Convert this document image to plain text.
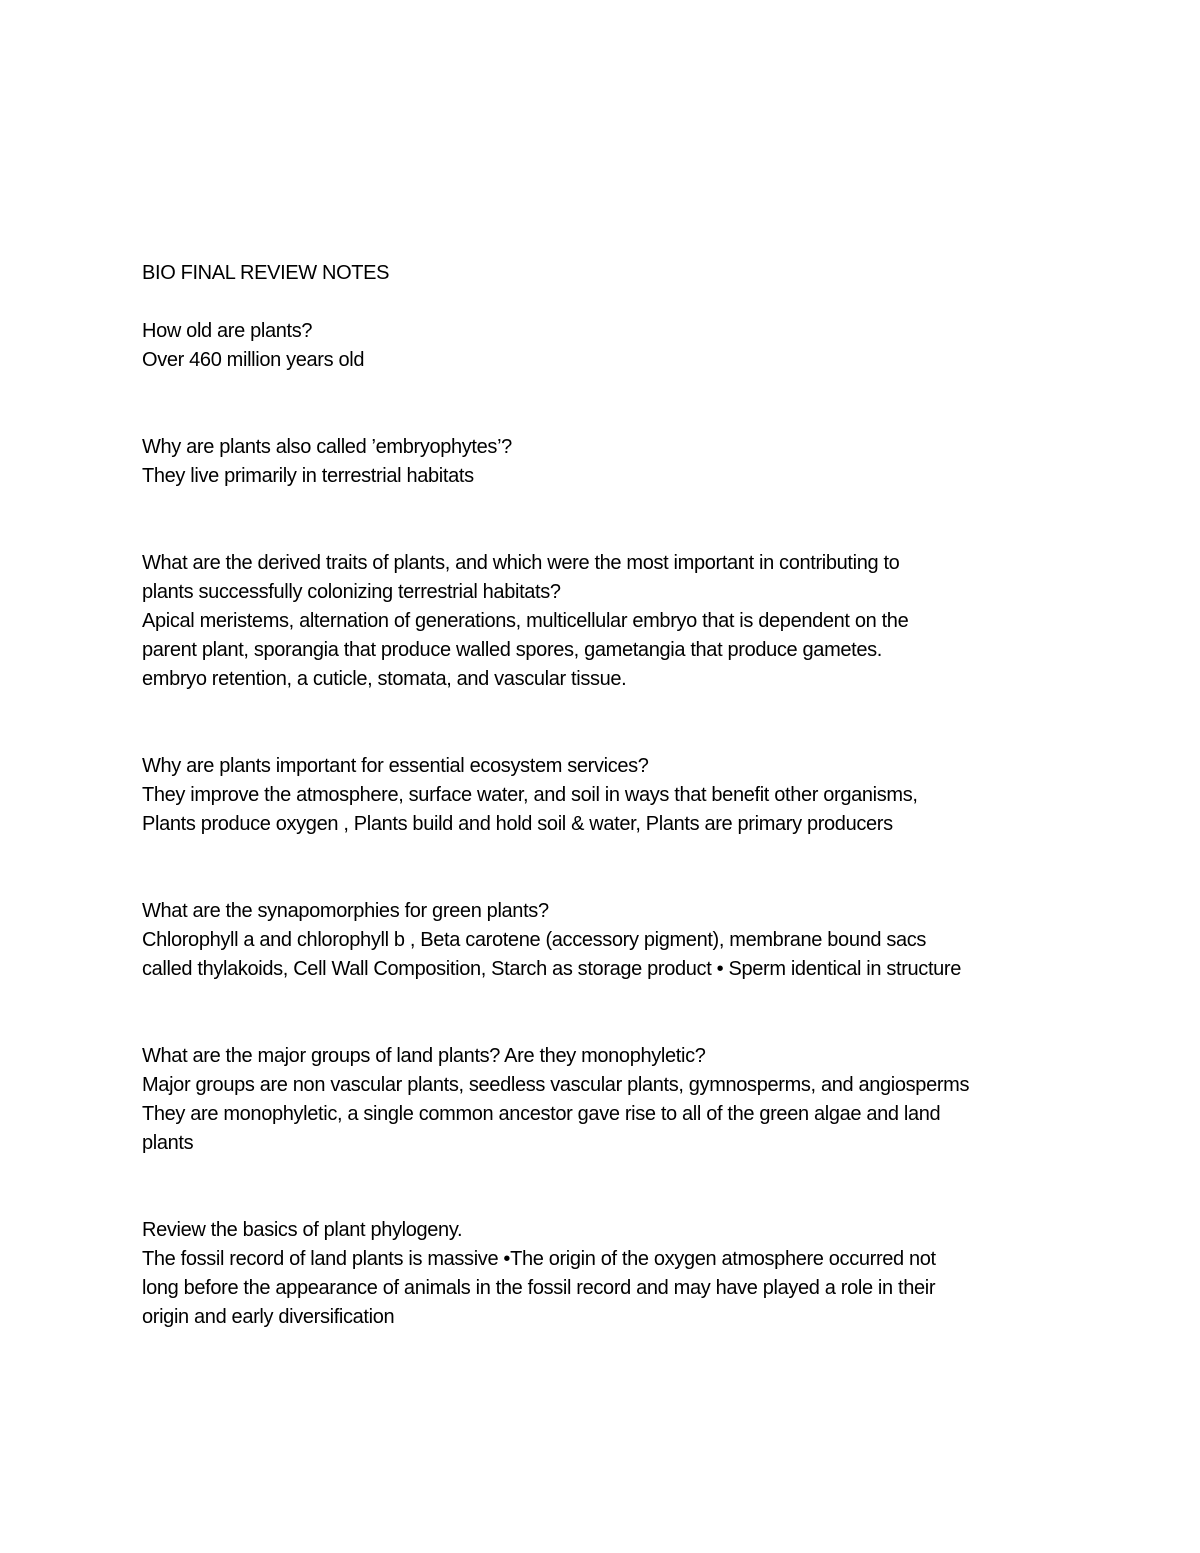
BIO FINAL REVIEW NOTES
How old are plants?
Over 460 million years old
Why are plants also called ’embryophytes’?
They live primarily in terrestrial habitats
What are the derived traits of plants, and which were the most important in contributing to
plants successfully colonizing terrestrial habitats?
Apical meristems, alternation of generations, multicellular embryo that is dependent on the
parent plant, sporangia that produce walled spores, gametangia that produce gametes.
embryo retention, a cuticle, stomata, and vascular tissue.
Why are plants important for essential ecosystem services?
They improve the atmosphere, surface water, and soil in ways that benefit other organisms,
Plants produce oxygen , Plants build and hold soil & water, Plants are primary producers
What are the synapomorphies for green plants?
Chlorophyll a and chlorophyll b , Beta carotene (accessory pigment), membrane bound sacs
called thylakoids, Cell Wall Composition, Starch as storage product • Sperm identical in structure
What are the major groups of land plants? Are they monophyletic?
Major groups are non vascular plants, seedless vascular plants, gymnosperms, and angiosperms
They are monophyletic, a single common ancestor gave rise to all of the green algae and land
plants
Review the basics of plant phylogeny.
The fossil record of land plants is massive •The origin of the oxygen atmosphere occurred not
long before the appearance of animals in the fossil record and may have played a role in their
origin and early diversification
